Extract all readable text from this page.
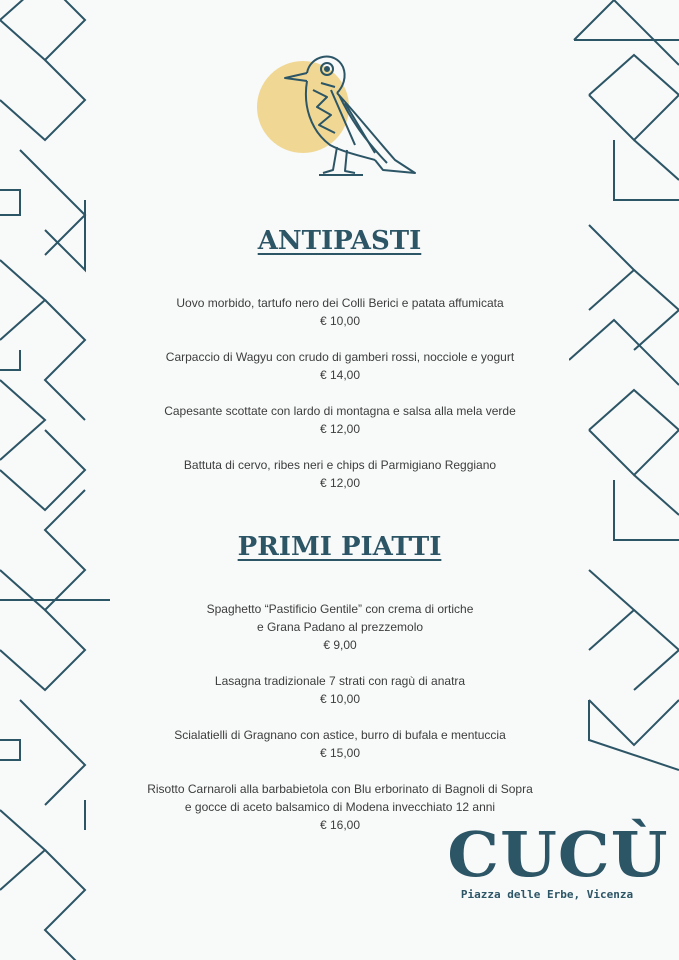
ANTIPASTI
Uovo morbido, tartufo nero dei Colli Berici e patata affumicata
€ 10,00
Carpaccio di Wagyu con crudo di gamberi rossi, nocciole e yogurt
€ 14,00
Capesante scottate con lardo di montagna e salsa alla mela verde
€ 12,00
Battuta di cervo, ribes neri e chips di Parmigiano Reggiano
€ 12,00
PRIMI PIATTI
Spaghetto “Pastificio Gentile” con crema di ortiche
e Grana Padano al prezzemolo
€ 9,00
Lasagna tradizionale 7 strati con ragù di anatra
€ 10,00
Scialatielli di Gragnano con astice, burro di bufala e mentuccia
€ 15,00
Risotto Carnaroli alla barbabietola con Blu erborinato di Bagnoli di Sopra
e gocce di aceto balsamico di Modena invecchiato 12 anni
€ 16,00	CUCÙ
Piazza delle Erbe, Vicenza
